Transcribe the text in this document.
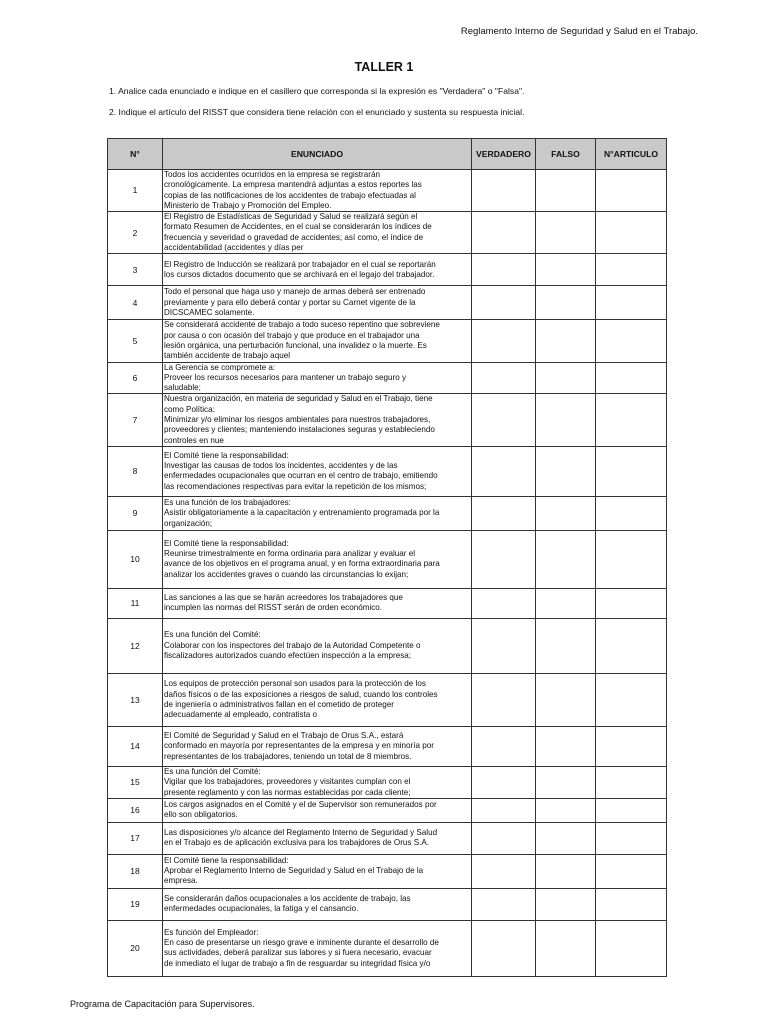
Reglamento Interno de Seguridad y Salud en el Trabajo.
TALLER 1
1. Analice cada enunciado e indique en el casillero que corresponda si la expresión es "Verdadera" o "Falsa".
2. Indique el artículo del RISST que considera tiene relación con el enunciado y sustenta su respuesta inicial.
N°	ENUNCIADO	VERDADERO	FALSO	N°ARTICULO
1	Todos los accidentes ocurridos en la empresa se registrarán
cronológicamente. La empresa mantendrá adjuntas a estos reportes las
copias de las notificaciones de los accidentes de trabajo efectuadas al
Ministerio de Trabajo y Promoción del Empleo.			
2	El Registro de Estadísticas de Seguridad y Salud se realizará según el
formato Resumen de Accidentes, en el cual se considerarán los índices de
frecuencia y severidad o gravedad de accidentes; así como, el índice de
accidentabilidad (accidentes y días per			
3	El Registro de Inducción se realizará por trabajador en el cual se reportarán
los cursos dictados documento que se archivará en el legajo del trabajador.			
4	Todo el personal que haga uso y manejo de armas deberá ser entrenado
previamente y para ello deberá contar y portar su Carnet vigente de la
DICSCAMEC solamente.			
5	Se considerará accidente de trabajo a todo suceso repentino que sobreviene
por causa o con ocasión del trabajo y que produce en el trabajador una
lesión orgánica, una perturbación funcional, una invalidez o la muerte. Es
también accidente de trabajo aquel			
6	La Gerencia se compromete a:
Proveer los recursos necesarios para mantener un trabajo seguro y
saludable;			
7	Nuestra organización, en materia de seguridad y Salud en el Trabajo, tiene
como Política:
Minimizar y/o eliminar los riesgos ambientales para nuestros trabajadores,
proveedores y clientes; manteniendo instalaciones seguras y estableciendo
controles en nue			
8	El Comité tiene la responsabilidad:
Investigar las causas de todos los incidentes, accidentes y de las
enfermedades ocupacionales que ocurran en el centro de trabajo, emitiendo
las recomendaciones respectivas para evitar la repetición de los mismos;			
9	Es una función de los trabajadores:
Asistir obligatoriamente a la capacitación y entrenamiento programada por la
organización;			
10	El Comité tiene la responsabilidad:
Reunirse trimestralmente en forma ordinaria para analizar y evaluar el
avance de los objetivos en el programa anual, y en forma extraordinaria para
analizar los accidentes graves o cuando las circunstancias lo exijan;			
11	Las sanciones a las que se harán acreedores los trabajadores que
incumplen las normas del RISST serán de orden económico.			
12	Es una función del Comité:
Colaborar con los inspectores del trabajo de la Autoridad Competente o
fiscalizadores autorizados cuando efectúen inspección a la empresa;			
13	Los equipos de protección personal son usados para la protección de los
daños físicos o de las exposiciones a riesgos de salud, cuando los controles
de ingeniería o administrativos fallan en el cometido de proteger
adecuadamente al empleado, contratista o			
14	El Comité de Seguridad y Salud en el Trabajo de Orus S.A., estará
conformado en mayoría por representantes de la empresa y en minoría por
representantes de los trabajadores, teniendo un total de 8 miembros.			
15	Es una función del Comité:
Vigilar que los trabajadores, proveedores y visitantes cumplan con el
presente reglamento y con las normas establecidas por cada cliente;			
16	Los cargos asignados en el Comité y el de Supervisor son remunerados por
ello son obligatorios.			
17	Las disposiciones y/o alcance del Reglamento Interno de Seguridad y Salud
en el Trabajo es de aplicación exclusiva para los trabajdores de Orus S.A.			
18	El Comité tiene la responsabilidad:
Aprobar el Reglamento Interno de Seguridad y Salud en el Trabajo de la
empresa.			
19	Se considerarán daños ocupacionales a los accidente de trabajo, las
enfermedades ocupacionales, la fatiga y el cansancio.			
20	Es función del Empleador:
En caso de presentarse un riesgo grave e inminente durante el desarrollo de
sus actividades, deberá paralizar sus labores y si fuera necesario, evacuar
de inmediato el lugar de trabajo a fin de resguardar su integridad física y/o			
Programa de Capacitación para Supervisores.
